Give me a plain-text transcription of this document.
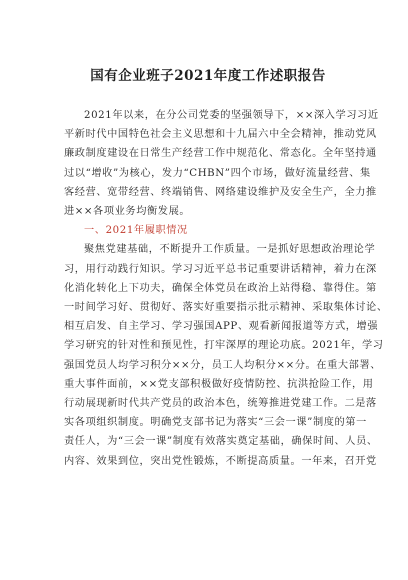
国有企业班子2021年度工作述职报告

2021年以来，在分公司党委的坚强领导下，××深入学习习近
平新时代中国特色社会主义思想和十九届六中全会精神，推动党风
廉政制度建设在日常生产经营工作中规范化、常态化。全年坚持通
过以“增收”为核心，发力“CHBN”四个市场，做好流量经营、集
客经营、宽带经营、终端销售、网络建设维护及安全生产，全力推
进××各项业务均衡发展。

一、2021年履职情况

聚焦党建基础，不断提升工作质量。一是抓好思想政治理论学
习，用行动践行知识。学习习近平总书记重要讲话精神，着力在深
化消化转化上下功夫，确保全体党员在政治上站得稳、靠得住。第
一时间学习好、贯彻好、落实好重要指示批示精神、采取集体讨论、
相互启发、自主学习、学习强国APP、观看新闻报道等方式，增强
学习研究的针对性和预见性，打牢深厚的理论功底。2021年，学习
强国党员人均学习积分××分，员工人均积分××分。在重大部署、
重大事件面前，××党支部积极做好疫情防控、抗洪抢险工作，用
行动展现新时代共产党员的政治本色，统筹推进党建工作。二是落
实各项组织制度。明确党支部书记为落实“三会一课”制度的第一
责任人，为“三会一课”制度有效落实奠定基础，确保时间、人员、
内容、效果到位，突出党性锻炼，不断提高质量。一年来，召开党
